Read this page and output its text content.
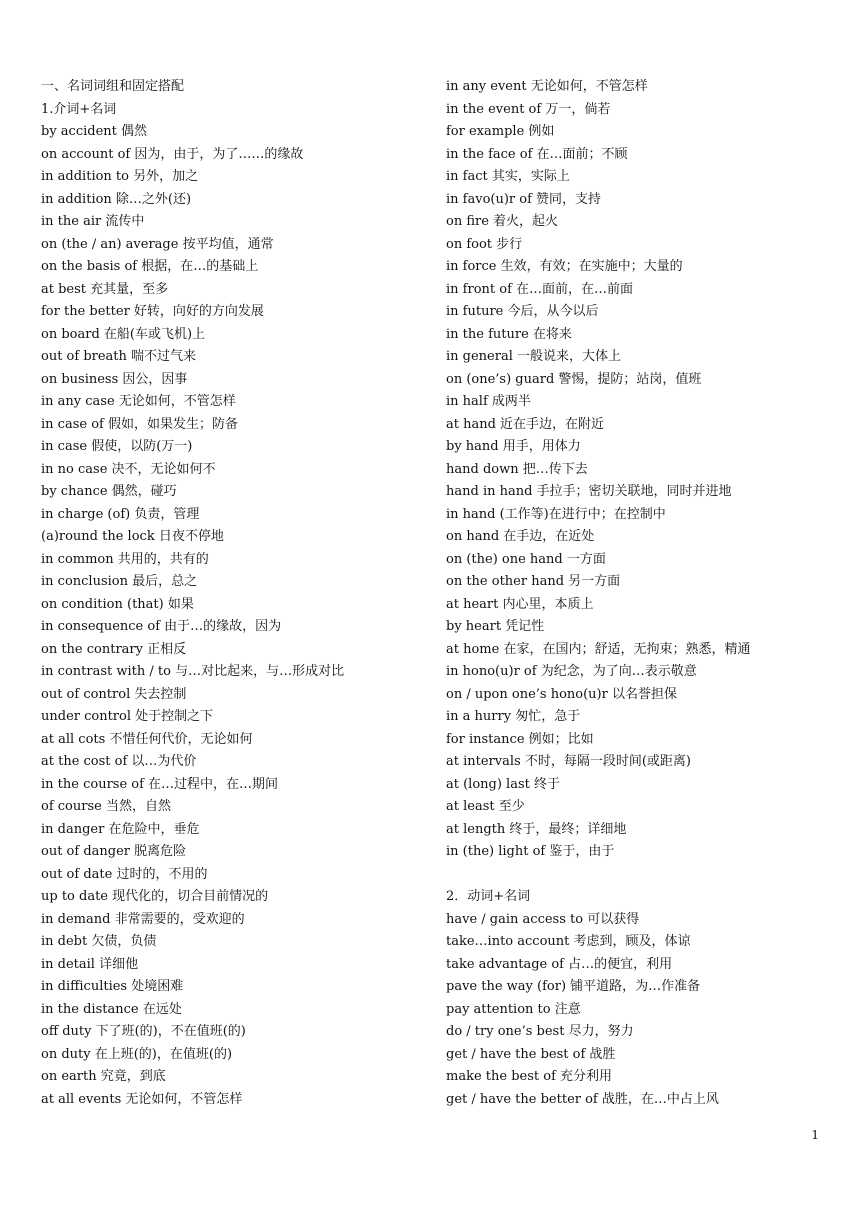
一、名词词组和固定搭配
1.介词+名词
by accident 偶然
on account of 因为，由于，为了……的缘故
in addition to 另外，加之
in addition 除…之外(还)
in the air 流传中
on (the / an) average 按平均值，通常
on the basis of 根据，在…的基础上
at best 充其量，至多
for the better 好转，向好的方向发展
on board 在船(车或飞机)上
out of breath 喘不过气来
on business 因公，因事
in any case 无论如何，不管怎样
in case of 假如，如果发生；防备
in case 假使，以防(万一)
in no case 决不，无论如何不
by chance 偶然，碰巧
in charge (of) 负责，管理
(a)round the lock 日夜不停地
in common 共用的，共有的
in conclusion 最后，总之
on condition (that) 如果
in consequence of 由于…的缘故，因为
on the contrary 正相反
in contrast with / to 与…对比起来，与…形成对比
out of control 失去控制
under control 处于控制之下
at all cots 不惜任何代价，无论如何
at the cost of 以…为代价
in the course of 在…过程中，在…期间
of course 当然，自然
in danger 在危险中，垂危
out of danger 脱离危险
out of date 过时的，不用的
up to date 现代化的，切合目前情况的
in demand 非常需要的，受欢迎的
in debt 欠债，负债
in detail 详细他
in difficulties 处境困难
in the distance 在远处
off duty 下了班(的)，不在值班(的)
on duty 在上班(的)，在值班(的)
on earth 究竟，到底
at all events 无论如何，不管怎样
in any event 无论如何，不管怎样
in the event of 万一，倘若
for example 例如
in the face of 在…面前；不顾
in fact 其实，实际上
in favo(u)r of 赞同，支持
on fire 着火，起火
on foot 步行
in force 生效，有效；在实施中；大量的
in front of 在…面前，在…前面
in future 今后，从今以后
in the future 在将来
in general 一般说来，大体上
on (one’s) guard 警惕，提防；站岗，值班
in half 成两半
at hand 近在手边，在附近
by hand 用手，用体力
hand down 把…传下去
hand in hand 手拉手；密切关联地，同时并进地
in hand (工作等)在进行中；在控制中
on hand 在手边，在近处
on (the) one hand 一方面
on the other hand 另一方面
at heart 内心里，本质上
by heart 凭记性
at home 在家，在国内；舒适，无拘束；熟悉，精通
in hono(u)r of 为纪念，为了向…表示敬意
on / upon one’s hono(u)r 以名誉担保
in a hurry 匆忙，急于
for instance 例如；比如
at intervals 不时，每隔一段时间(或距离)
at (long) last 终于
at least 至少
at length 终于，最终；详细地
in (the) light of 鉴于，由于
2．动词+名词
have / gain access to 可以获得
take…into account 考虑到，顾及，体谅
take advantage of 占…的便宜，利用
pave the way (for) 铺平道路，为…作准备
pay attention to 注意
do / try one’s best 尽力，努力
get / have the best of 战胜
make the best of 充分利用
get / have the better of 战胜，在…中占上风
1
